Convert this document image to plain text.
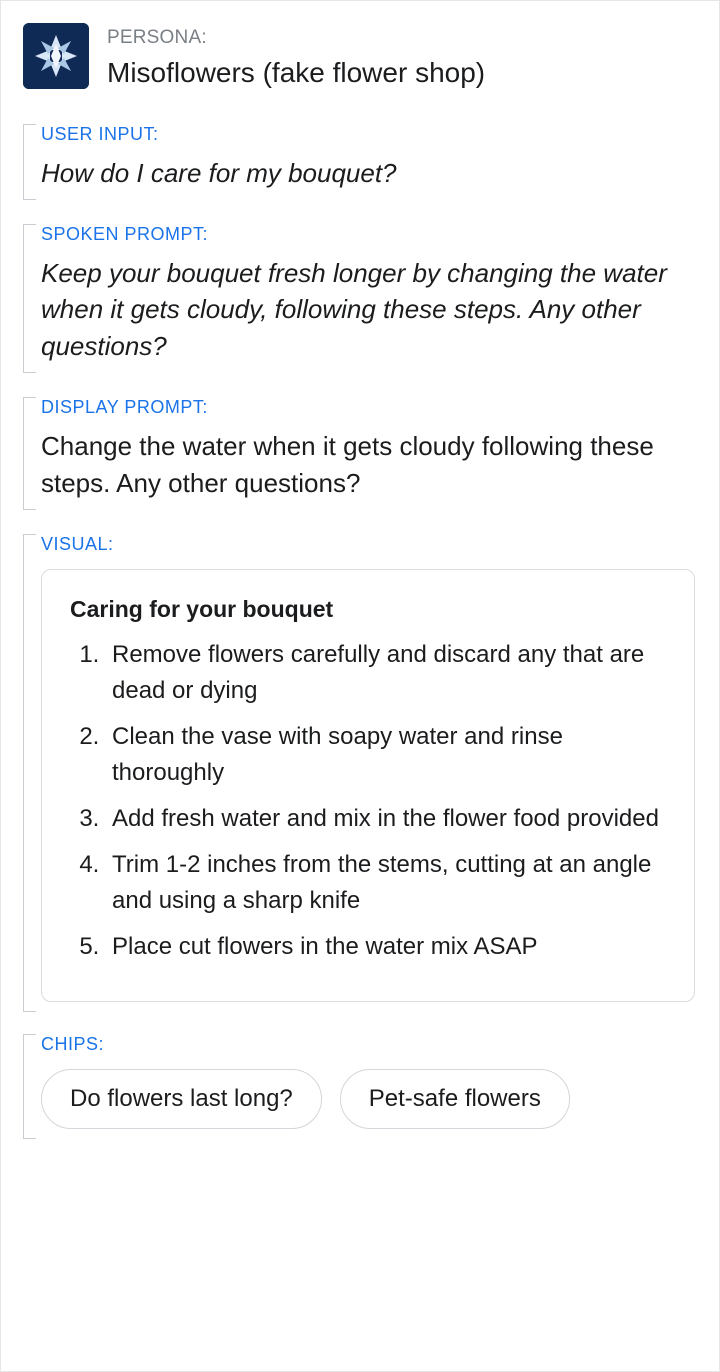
PERSONA:
Misoflowers (fake flower shop)
USER INPUT:
How do I care for my bouquet?
SPOKEN PROMPT:
Keep your bouquet fresh longer by changing the water when it gets cloudy, following these steps. Any other questions?
DISPLAY PROMPT:
Change the water when it gets cloudy following these steps. Any other questions?
VISUAL:
Caring for your bouquet
1. Remove flowers carefully and discard any that are dead or dying
2. Clean the vase with soapy water and rinse thoroughly
3. Add fresh water and mix in the flower food provided
4. Trim 1-2 inches from the stems, cutting at an angle and using a sharp knife
5. Place cut flowers in the water mix ASAP
CHIPS:
Do flowers last long?	Pet-safe flowers
